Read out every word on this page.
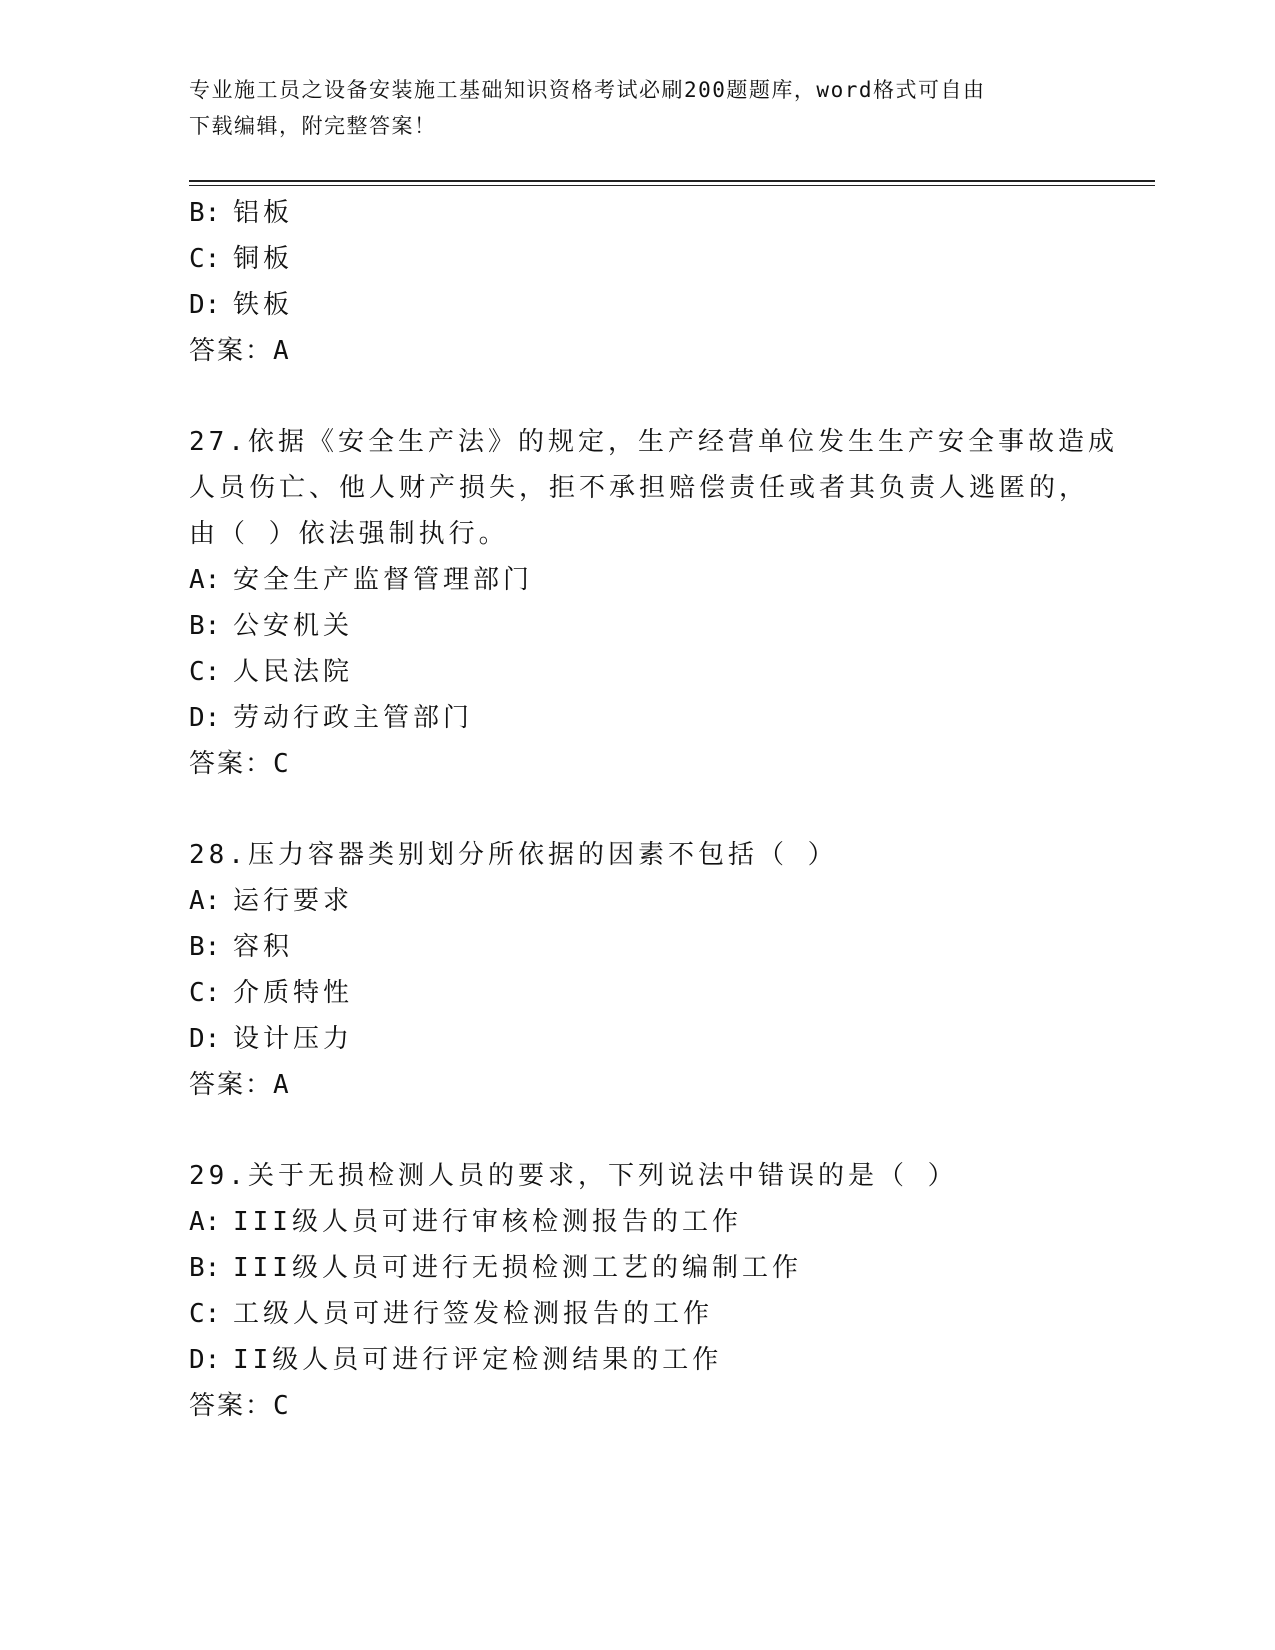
专业施工员之设备安装施工基础知识资格考试必刷200题题库，word格式可自由
下载编辑，附完整答案！
B: 铝板
C: 铜板
D: 铁板
答案：A
27.依据《安全生产法》的规定，生产经营单位发生生产安全事故造成
人员伤亡、他人财产损失，拒不承担赔偿责任或者其负责人逃匿的，
由（ ）依法强制执行。
A: 安全生产监督管理部门
B: 公安机关
C: 人民法院
D: 劳动行政主管部门
答案：C
28.压力容器类别划分所依据的因素不包括（ ）
A: 运行要求
B: 容积
C: 介质特性
D: 设计压力
答案：A
29.关于无损检测人员的要求，下列说法中错误的是（ ）
A: III级人员可进行审核检测报告的工作
B: III级人员可进行无损检测工艺的编制工作
C: 工级人员可进行签发检测报告的工作
D: II级人员可进行评定检测结果的工作
答案：C
